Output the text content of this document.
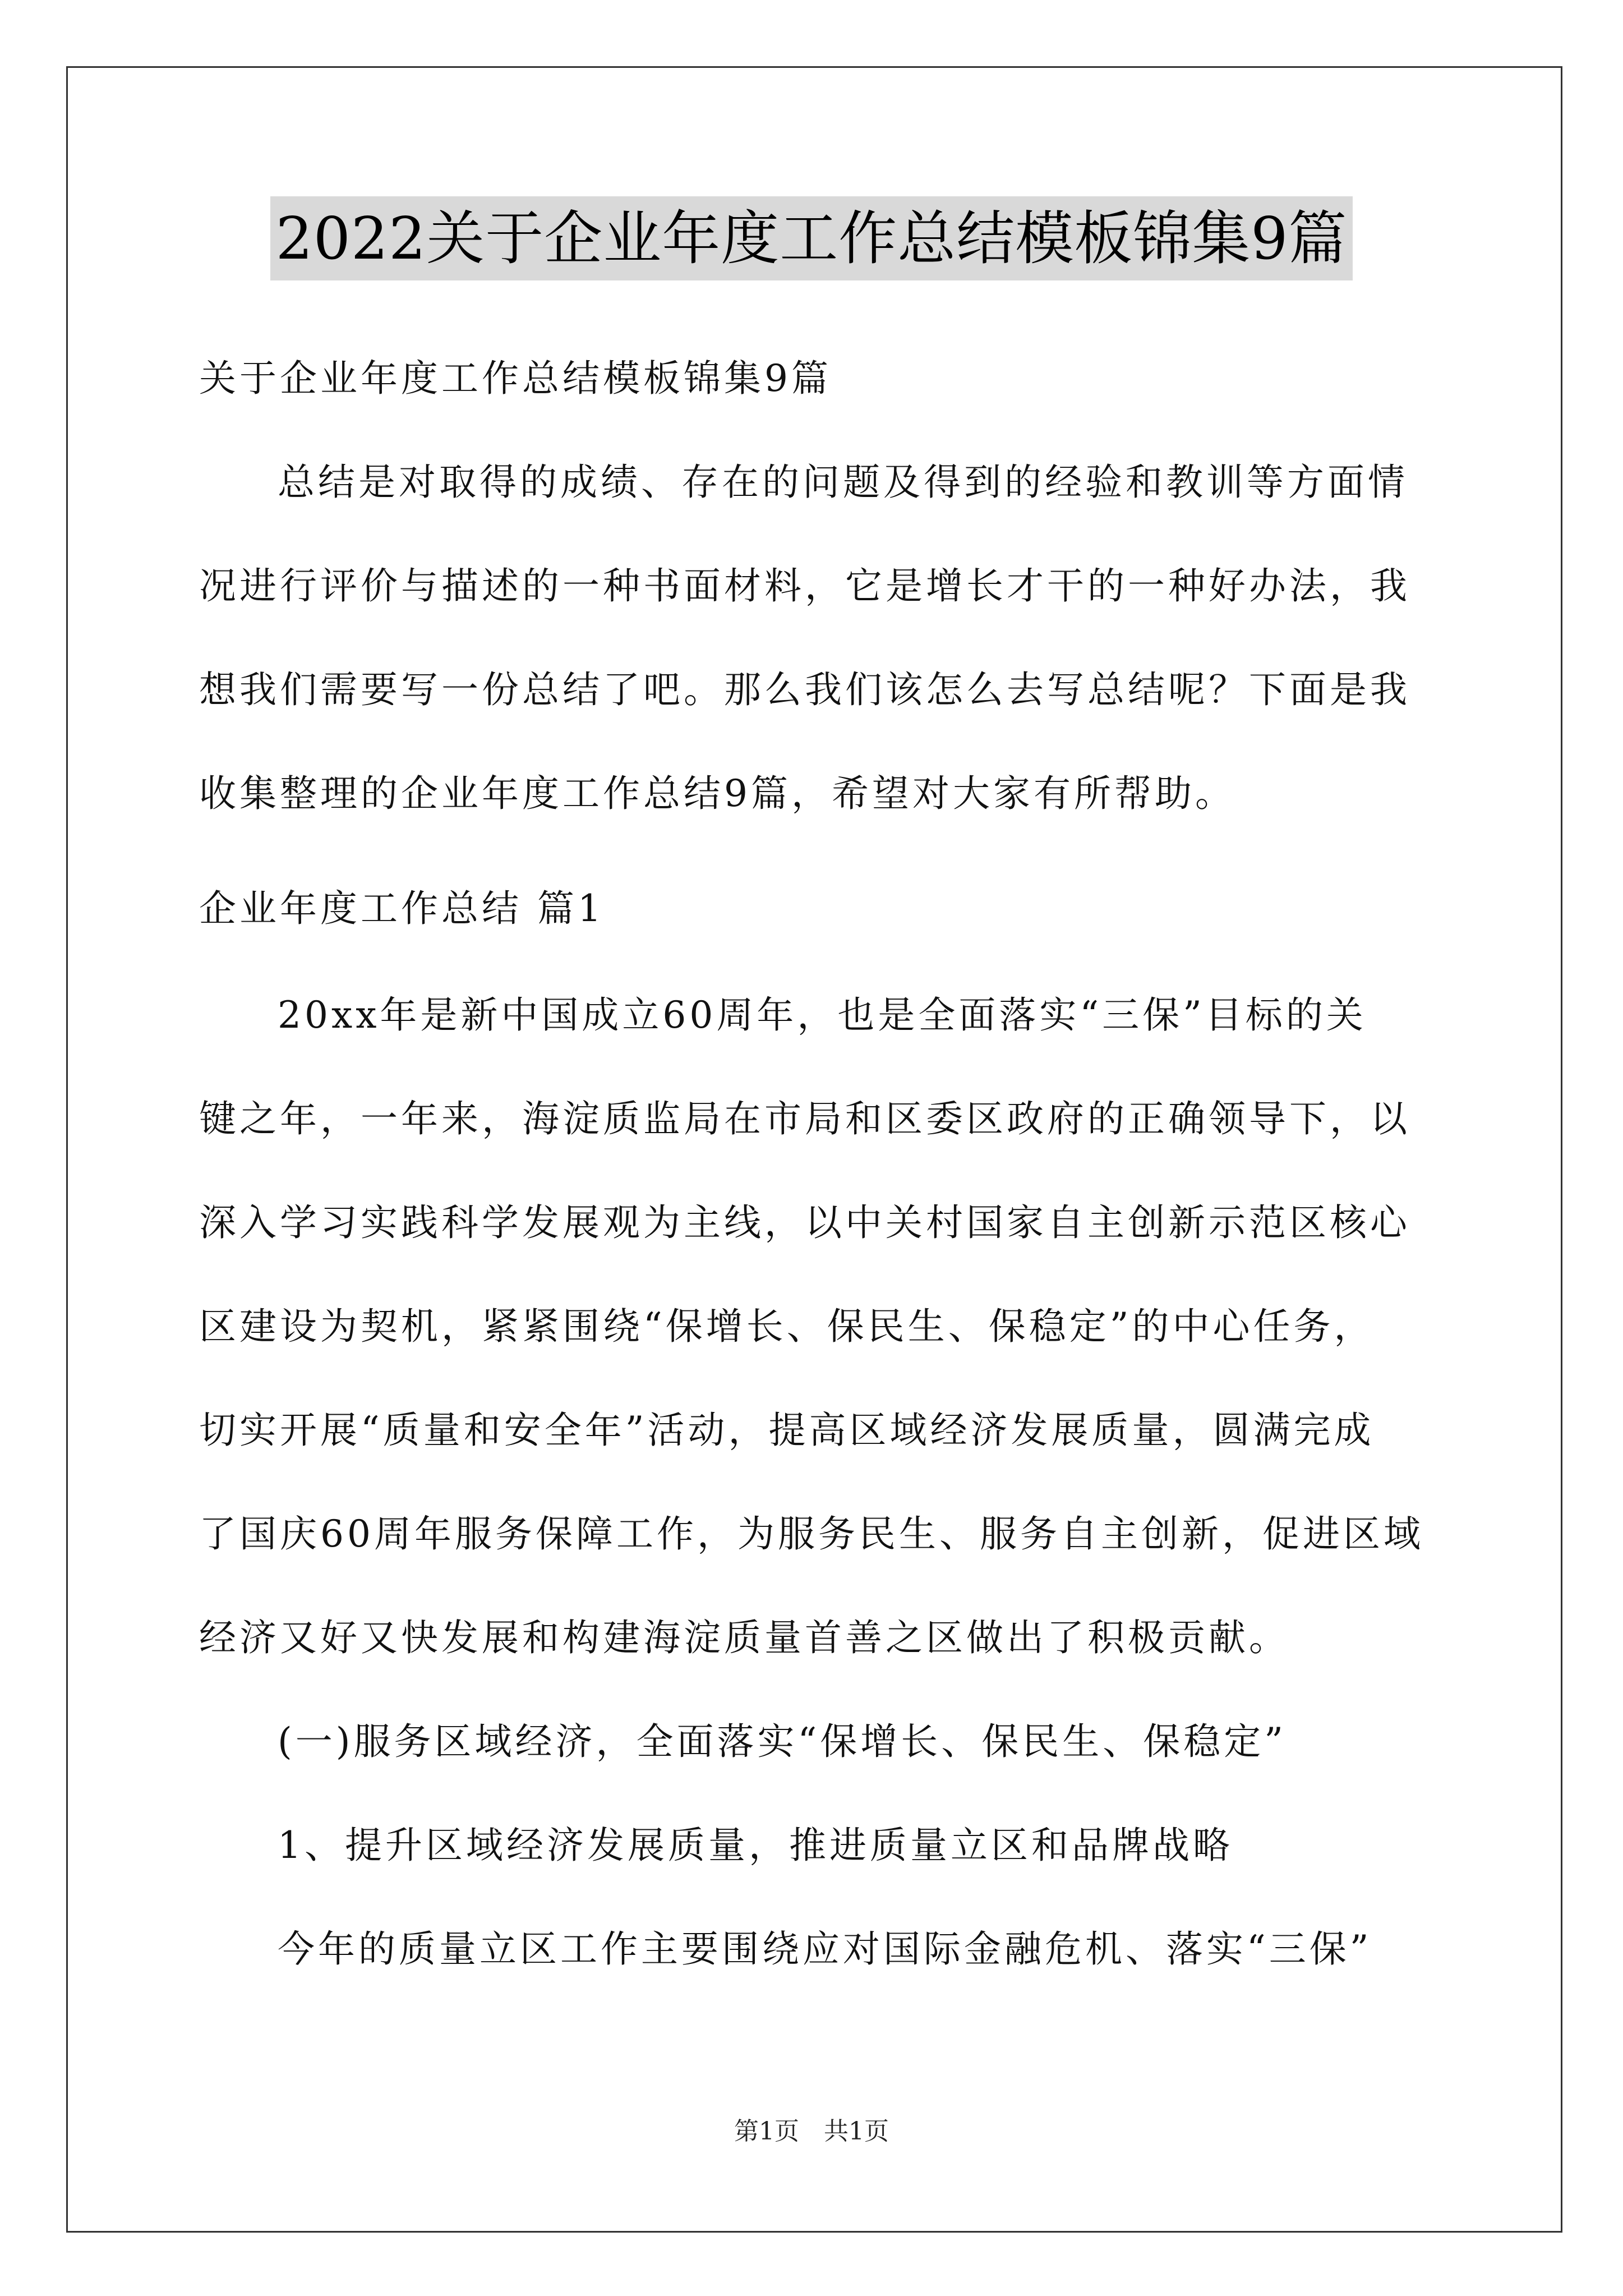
2022关于企业年度工作总结模板锦集9篇
关于企业年度工作总结模板锦集9篇
总结是对取得的成绩、存在的问题及得到的经验和教训等方面情
况进行评价与描述的一种书面材料，它是增长才干的一种好办法，我
想我们需要写一份总结了吧。那么我们该怎么去写总结呢？下面是我
收集整理的企业年度工作总结9篇，希望对大家有所帮助。
企业年度工作总结 篇1
20xx年是新中国成立60周年，也是全面落实“三保”目标的关
键之年，一年来，海淀质监局在市局和区委区政府的正确领导下，以
深入学习实践科学发展观为主线，以中关村国家自主创新示范区核心
区建设为契机，紧紧围绕“保增长、保民生、保稳定”的中心任务，
切实开展“质量和安全年”活动，提高区域经济发展质量，圆满完成
了国庆60周年服务保障工作，为服务民生、服务自主创新，促进区域
经济又好又快发展和构建海淀质量首善之区做出了积极贡献。
(一)服务区域经济，全面落实“保增长、保民生、保稳定”
1、提升区域经济发展质量，推进质量立区和品牌战略
今年的质量立区工作主要围绕应对国际金融危机、落实“三保”
第1页　共1页
